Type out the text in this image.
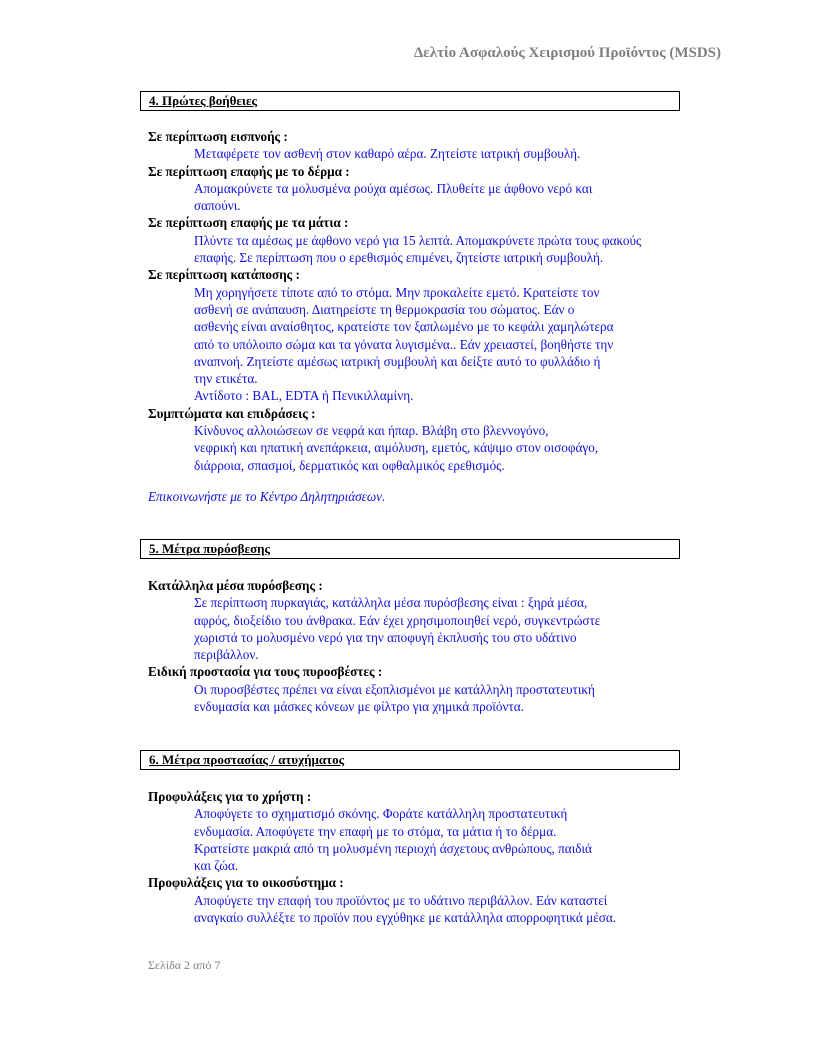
Δελτίο Ασφαλούς Χειρισμού Προϊόντος (MSDS)
4. Πρώτες βοήθειες
Σε περίπτωση εισπνοής :
Μεταφέρετε τον ασθενή στον καθαρό αέρα. Ζητείστε ιατρική συμβουλή.
Σε περίπτωση επαφής με το δέρμα :
Απομακρύνετε τα μολυσμένα ρούχα αμέσως. Πλυθείτε με άφθονο νερό και
σαπούνι.
Σε περίπτωση επαφής με τα μάτια :
Πλύντε τα αμέσως με άφθονο νερό για 15 λεπτά. Απομακρύνετε πρώτα τους φακούς
επαφής. Σε περίπτωση που ο ερεθισμός επιμένει, ζητείστε ιατρική συμβουλή.
Σε περίπτωση κατάποσης :
Μη χορηγήσετε τίποτε από το στόμα. Μην προκαλείτε εμετό. Κρατείστε τον
ασθενή σε ανάπαυση. Διατηρείστε τη θερμοκρασία του σώματος. Εάν ο
ασθενής είναι αναίσθητος, κρατείστε τον ξαπλωμένο με το κεφάλι χαμηλώτερα
από το υπόλοιπο σώμα και τα γόνατα λυγισμένα.. Εάν χρειαστεί, βοηθήστε την
αναπνοή. Ζητείστε αμέσως ιατρική συμβουλή και δείξτε αυτό το φυλλάδιο ή
την ετικέτα.
Αντίδοτο : BAL, EDTA ή Πενικιλλαμίνη.
Συμπτώματα και επιδράσεις :
Κίνδυνος αλλοιώσεων σε νεφρά και ήπαρ. Βλάβη στο βλεννογόνο,
νεφρική και ηπατική ανεπάρκεια, αιμόλυση, εμετός, κάψιμο στον οισοφάγο,
διάρροια, σπασμοί, δερματικός και οφθαλμικός ερεθισμός.
Επικοινωνήστε με το Κέντρο Δηλητηριάσεων.
5. Μέτρα πυρόσβεσης
Κατάλληλα μέσα πυρόσβεσης :
Σε περίπτωση πυρκαγιάς, κατάλληλα μέσα πυρόσβεσης είναι : ξηρά μέσα,
αφρός, διοξείδιο του άνθρακα. Εάν έχει χρησιμοποιηθεί νερό, συγκεντρώστε
χωριστά το μολυσμένο νερό για την αποφυγή έκπλυσής του στο υδάτινο
περιβάλλον.
Ειδική προστασία για τους πυροσβέστες :
Οι πυροσβέστες πρέπει να είναι εξοπλισμένοι με κατάλληλη προστατευτική
ενδυμασία και μάσκες κόνεων με φίλτρο για χημικά προϊόντα.
6. Μέτρα προστασίας / ατυχήματος
Προφυλάξεις για το χρήστη :
Αποφύγετε το σχηματισμό σκόνης. Φοράτε κατάλληλη προστατευτική
ενδυμασία. Αποφύγετε την επαφή με το στόμα, τα μάτια ή το δέρμα.
Κρατείστε μακριά από τη μολυσμένη περιοχή άσχετους ανθρώπους, παιδιά
και ζώα.
Προφυλάξεις για το οικοσύστημα :
Αποφύγετε την επαφή του προϊόντος με το υδάτινο περιβάλλον. Εάν καταστεί
αναγκαίο συλλέξτε το προϊόν που εγχύθηκε με κατάλληλα απορροφητικά μέσα.
Σελίδα 2 από 7
